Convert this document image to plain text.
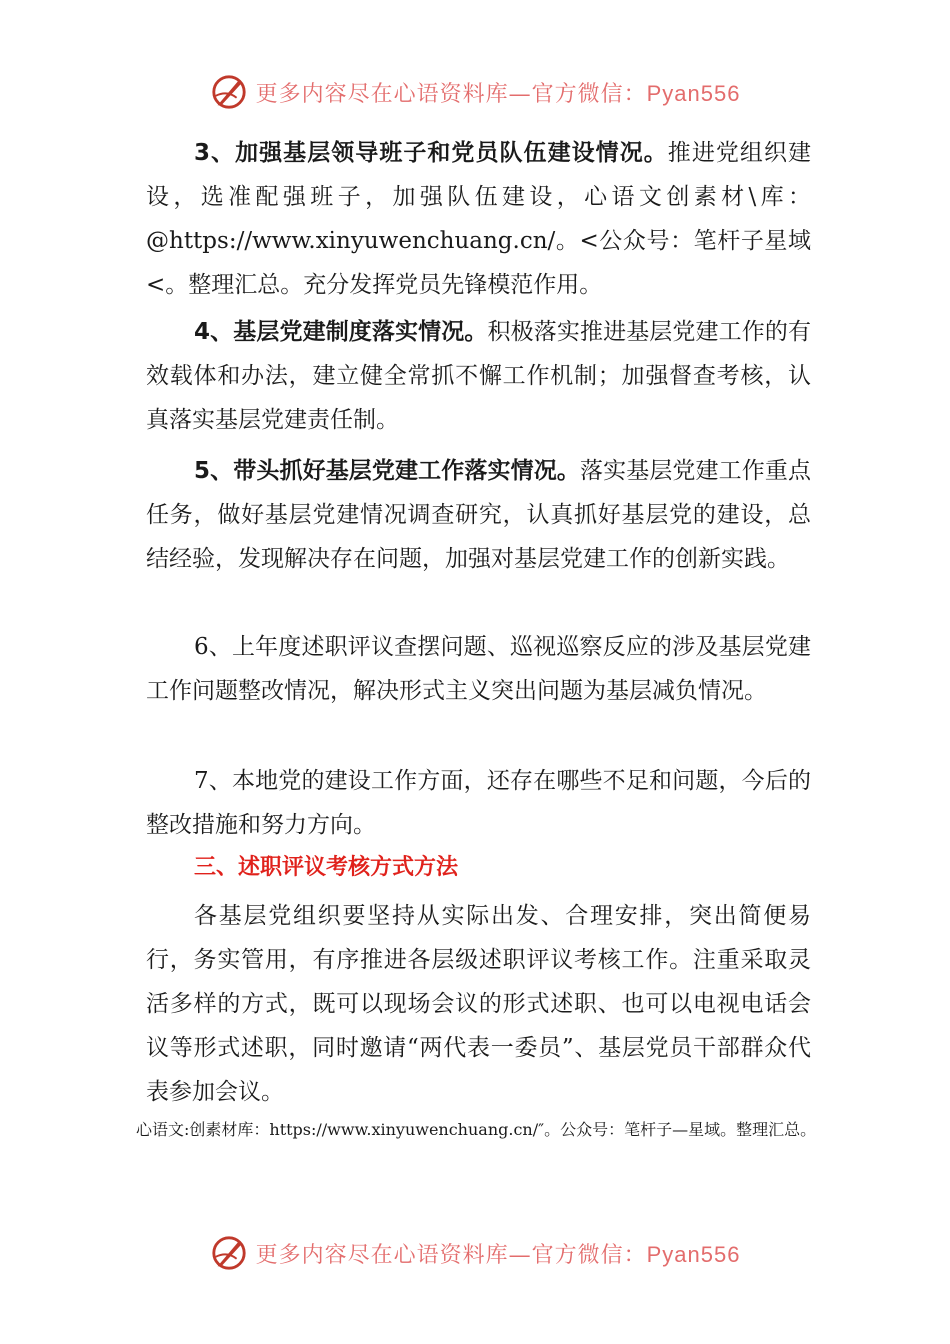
更多内容尽在心语资料库—官方微信：Pyan556

3、加强基层领导班子和党员队伍建设情况。推进党组织建设，选准配强班子，加强队伍建设，心语文创素材\库：@https://www.xinyuwenchuang.cn/。<公众号：笔杆子星域<。整理汇总。充分发挥党员先锋模范作用。

4、基层党建制度落实情况。积极落实推进基层党建工作的有效载体和办法，建立健全常抓不懈工作机制；加强督查考核，认真落实基层党建责任制。

5、带头抓好基层党建工作落实情况。落实基层党建工作重点任务，做好基层党建情况调查研究，认真抓好基层党的建设，总结经验，发现解决存在问题，加强对基层党建工作的创新实践。

6、上年度述职评议查摆问题、巡视巡察反应的涉及基层党建工作问题整改情况，解决形式主义突出问题为基层减负情况。

7、本地党的建设工作方面，还存在哪些不足和问题，今后的整改措施和努力方向。

三、述职评议考核方式方法

各基层党组织要坚持从实际出发、合理安排，突出简便易行，务实管用，有序推进各层级述职评议考核工作。注重采取灵活多样的方式，既可以现场会议的形式述职、也可以电视电话会议等形式述职，同时邀请“两代表一委员”、基层党员干部群众代表参加会议。

心语文:创素材库：https://www.xinyuwenchuang.cn/″。公众号：笔杆子—星域。整理汇总。

更多内容尽在心语资料库—官方微信：Pyan556
